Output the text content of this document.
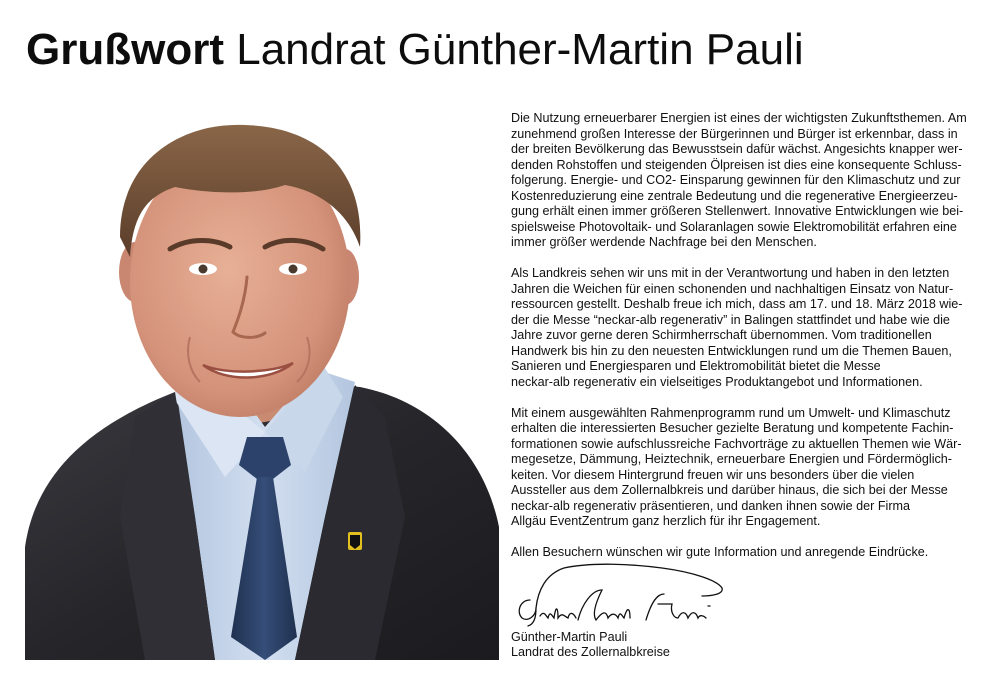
Grußwort Landrat Günther-Martin Pauli

Die Nutzung erneuerbarer Energien ist eines der wichtigsten Zukunftsthemen. Am
zunehmend großen Interesse der Bürgerinnen und Bürger ist erkennbar, dass in
der breiten Bevölkerung das Bewusstsein dafür wächst. Angesichts knapper wer-
denden Rohstoffen und steigenden Ölpreisen ist dies eine konsequente Schluss-
folgerung. Energie- und CO2- Einsparung gewinnen für den Klimaschutz und zur
Kostenreduzierung eine zentrale Bedeutung und die regenerative Energieerzeu-
gung erhält einen immer größeren Stellenwert. Innovative Entwicklungen wie bei-
spielsweise Photovoltaik- und Solaranlagen sowie Elektromobilität erfahren eine
immer größer werdende Nachfrage bei den Menschen.

Als Landkreis sehen wir uns mit in der Verantwortung und haben in den letzten
Jahren die Weichen für einen schonenden und nachhaltigen Einsatz von Natur-
ressourcen gestellt. Deshalb freue ich mich, dass am 17. und 18. März 2018 wie-
der die Messe “neckar-alb regenerativ” in Balingen stattfindet und habe wie die
Jahre zuvor gerne deren Schirmherrschaft übernommen. Vom traditionellen
Handwerk bis hin zu den neuesten Entwicklungen rund um die Themen Bauen,
Sanieren und Energiesparen und Elektromobilität bietet die Messe
neckar-alb regenerativ ein vielseitiges Produktangebot und Informationen.

Mit einem ausgewählten Rahmenprogramm rund um Umwelt- und Klimaschutz
erhalten die interessierten Besucher gezielte Beratung und kompetente Fachin-
formationen sowie aufschlussreiche Fachvorträge zu aktuellen Themen wie Wär-
megesetze, Dämmung, Heiztechnik, erneuerbare Energien und Fördermöglich-
keiten. Vor diesem Hintergrund freuen wir uns besonders über die vielen
Aussteller aus dem Zollernalbkreis und darüber hinaus, die sich bei der Messe
neckar-alb regenerativ präsentieren, und danken ihnen sowie der Firma
Allgäu EventZentrum ganz herzlich für ihr Engagement.

Allen Besuchern wünschen wir gute Information und anregende Eindrücke.

Günther-Martin Pauli
Landrat des Zollernalbkreise
